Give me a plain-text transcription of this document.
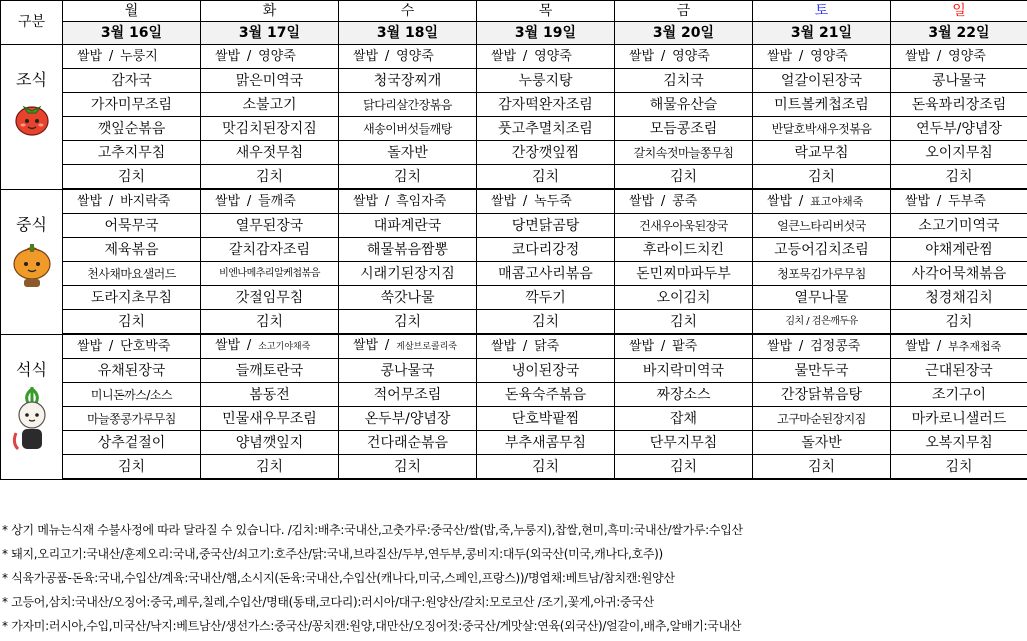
구분	월	화	수	목	금	토	일
	3월 16일	3월 17일	3월 18일	3월 19일	3월 20일	3월 21일	3월 22일

조식	쌀밥 / 누룽지	쌀밥 / 영양죽	쌀밥 / 영양죽	쌀밥 / 영양죽	쌀밥 / 영양죽	쌀밥 / 영양죽	쌀밥 / 영양죽
	감자국	맑은미역국	청국장찌개	누룽지탕	김치국	얼갈이된장국	콩나물국
	가자미무조림	소불고기	닭다리살간장볶음	감자떡완자조림	해물유산슬	미트볼케첩조림	돈육꽈리장조림
	깻잎순볶음	맛김치된장지짐	새송이버섯들깨탕	풋고추멸치조림	모듬콩조림	반달호박새우젓볶음	연두부/양념장
	고추지무침	새우젓무침	돌자반	간장깻잎찜	갈치속젓마늘쫑무침	락교무침	오이지무침
	김치	김치	김치	김치	김치	김치	김치

중식	쌀밥 / 바지락죽	쌀밥 / 들깨죽	쌀밥 / 흑임자죽	쌀밥 / 녹두죽	쌀밥 / 콩죽	쌀밥 / 표고야채죽	쌀밥 / 두부죽
	어묵무국	열무된장국	대파계란국	당면닭곰탕	건새우아욱된장국	얼큰느타리버섯국	소고기미역국
	제육볶음	갈치감자조림	해물볶음짬뽕	코다리강정	후라이드치킨	고등어김치조림	야채계란찜
	천사채마요샐러드	비엔나메추리알케첩볶음	시래기된장지짐	매콤고사리볶음	돈민찌마파두부	청포묵김가루무침	사각어묵채볶음
	도라지초무침	갓절임무침	쑥갓나물	깍두기	오이김치	열무나물	청경채김치
	김치	김치	김치	김치	김치	김치 / 검은깨두유	김치

석식	쌀밥 / 단호박죽	쌀밥 / 소고기야채죽	쌀밥 / 게살브로콜리죽	쌀밥 / 닭죽	쌀밥 / 팥죽	쌀밥 / 검정콩죽	쌀밥 / 부추재첩죽
	유채된장국	들깨토란국	콩나물국	냉이된장국	바지락미역국	물만두국	근대된장국
	미니돈까스/소스	봄동전	적어무조림	돈육숙주볶음	짜장소스	간장닭볶음탕	조기구이
	마늘쫑콩가루무침	민물새우무조림	온두부/양념장	단호박팥찜	잡채	고구마순된장지짐	마카로니샐러드
	상추겉절이	양념깻잎지	건다래순볶음	부추새콤무침	단무지무침	돌자반	오복지무침
	김치	김치	김치	김치	김치	김치	김치
* 상기 메뉴는식재 수불사정에 따라 달라질 수 있습니다. /김치:배추:국내산,고춧가루:중국산/쌀(밥,죽,누룽지),찹쌀,현미,흑미:국내산/쌀가루:수입산
* 돼지,오리고기:국내산/훈제오리:국내,중국산/쇠고기:호주산/닭:국내,브라질산/두부,연두부,콩비지:대두(외국산(미국,캐나다,호주))
* 식육가공품-돈육:국내,수입산/계육:국내산/햄,소시지(돈육:국내산,수입산(캐나다,미국,스페인,프랑스))/명엽채:베트남/참치캔:원양산
* 고등어,삼치:국내산/오징어:중국,페루,칠레,수입산/명태(동태,코다리):러시아/대구:원양산/갈치:모로코산 /조기,꽃게,아귀:중국산
* 가자미:러시아,수입,미국산/낙지:베트남산/생선가스:중국산/꽁치캔:원양,대만산/오징어젓:중국산/게맛살:연육(외국산)/얼갈이,배추,알배기:국내산
